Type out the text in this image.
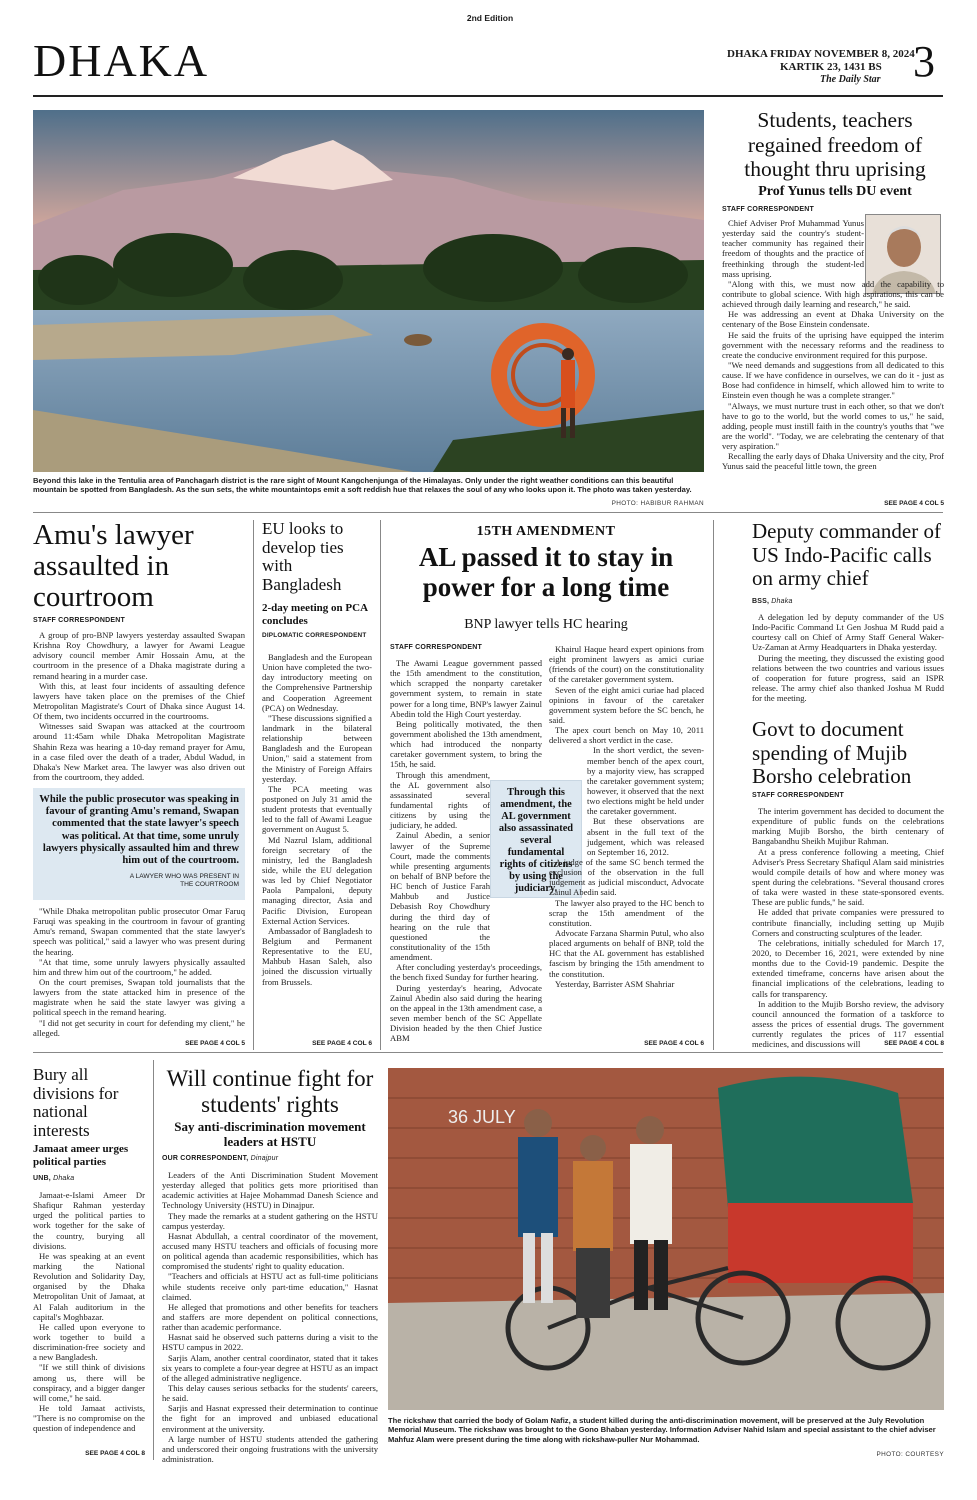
2nd Edition
DHAKA	DHAKA FRIDAY NOVEMBER 8, 2024
KARTIK 23, 1431 BS
The Daily Star 3
Beyond this lake in the Tentulia area of Panchagarh district is the rare sight of Mount Kangchenjunga of the Himalayas. Only under the right weather conditions can this beautiful mountain be spotted from Bangladesh. As the sun sets, the white mountaintops emit a soft reddish hue that relaxes the soul of any who looks upon it. The photo was taken yesterday.
PHOTO: HABIBUR RAHMAN
Students, teachers regained freedom of thought thru uprising
Prof Yunus tells DU event
STAFF CORRESPONDENT

Chief Adviser Prof Muhammad Yunus yesterday said the country's student-teacher community has regained their freedom of thoughts and the practice of freethinking through the student-led mass uprising.

"Along with this, we must now add the capability to contribute to global science. With high aspirations, this can be achieved through daily learning and research," he said.

He was addressing an event at Dhaka University on the centenary of the Bose Einstein condensate.

He said the fruits of the uprising have equipped the interim government with the necessary reforms and the readiness to create the conducive environment required for this purpose.

"We need demands and suggestions from all dedicated to this cause. If we have confidence in ourselves, we can do it - just as Bose had confidence in himself, which allowed him to write to Einstein even though he was a complete stranger."

"Always, we must nurture trust in each other, so that we don't have to go to the world, but the world comes to us," he said, adding, people must instill faith in the country's youths that "we are the world". "Today, we are celebrating the centenary of that very aspiration."

Recalling the early days of Dhaka University and the city, Prof Yunus said the peaceful little town, the green

SEE PAGE 4 COL 5
Amu's lawyer assaulted in courtroom
STAFF CORRESPONDENT

A group of pro-BNP lawyers yesterday assaulted Swapan Krishna Roy Chowdhury, a lawyer for Awami League advisory council member Amir Hossain Amu, at the courtroom in the presence of a Dhaka magistrate during a remand hearing in a murder case.

With this, at least four incidents of assaulting defence lawyers have taken place on the premises of the Chief Metropolitan Magistrate's Court of Dhaka since August 14. Of them, two incidents occurred in the courtrooms.

Witnesses said Swapan was attacked at the courtroom around 11:45am while Dhaka Metropolitan Magistrate Shahin Reza was hearing a 10-day remand prayer for Amu, in a case filed over the death of a trader, Abdul Wadud, in Dhaka's New Market area. The lawyer was also driven out from the courtroom, they added.

While the public prosecutor was speaking in favour of granting Amu's remand, Swapan commented that the state lawyer's speech was political. At that time, some unruly lawyers physically assaulted him and threw him out of the courtroom.
A LAWYER WHO WAS PRESENT IN THE COURTROOM

"While Dhaka metropolitan public prosecutor Omar Faruq Faruqi was speaking in the courtroom in favour of granting Amu's remand, Swapan commented that the state lawyer's speech was political," said a lawyer who was present during the hearing.

"At that time, some unruly lawyers physically assaulted him and threw him out of the courtroom," he added.

On the court premises, Swapan told journalists that the lawyers from the state attacked him in presence of the magistrate when he said the state lawyer was giving a political speech in the remand hearing.

"I did not get security in court for defending my client," he alleged.

SEE PAGE 4 COL 5
EU looks to develop ties with Bangladesh
2-day meeting on PCA concludes
DIPLOMATIC CORRESPONDENT

Bangladesh and the European Union have completed the two-day introductory meeting on the Comprehensive Partnership and Cooperation Agreement (PCA) on Wednesday.

"These discussions signified a landmark in the bilateral relationship between Bangladesh and the European Union," said a statement from the Ministry of Foreign Affairs yesterday.

The PCA meeting was postponed on July 31 amid the student protests that eventually led to the fall of Awami League government on August 5.

Md Nazrul Islam, additional foreign secretary of the ministry, led the Bangladesh side, while the EU delegation was led by Chief Negotiator Paola Pampaloni, deputy managing director, Asia and Pacific Division, European External Action Services.

Ambassador of Bangladesh to Belgium and Permanent Representative to the EU, Mahbub Hasan Saleh, also joined the discussion virtually from Brussels.

SEE PAGE 4 COL 6
15TH AMENDMENT
AL passed it to stay in power for a long time
BNP lawyer tells HC hearing
STAFF CORRESPONDENT

The Awami League government passed the 15th amendment to the constitution, which scrapped the nonparty caretaker government system, to remain in state power for a long time, BNP's lawyer Zainul Abedin told the High Court yesterday.

Being politically motivated, the then government abolished the 13th amendment, which had introduced the nonparty caretaker government system, to bring the 15th, he said.

Through this amendment, the AL government also assassinated several fundamental rights of citizens by using the judiciary, he added.

Zainul Abedin, a senior lawyer of the Supreme Court, made the comments while presenting arguments on behalf of BNP before the HC bench of Justice Farah Mahbub and Justice Debasish Roy Chowdhury during the third day of hearing on the rule that questioned the constitutionality of the 15th amendment.

After concluding yesterday's proceedings, the bench fixed Sunday for further hearing.

During yesterday's hearing, Advocate Zainul Abedin also said during the hearing on the appeal in the 13th amendment case, a seven member bench of the SC Appellate Division headed by the then Chief Justice ABM

Through this amendment, the AL government also assassinated several fundamental rights of citizens by using the judiciary.

Khairul Haque heard expert opinions from eight prominent lawyers as amici curiae (friends of the court) on the constitutionality of the caretaker government system.

Seven of the eight amici curiae had placed opinions in favour of the caretaker government system before the SC bench, he said.

The apex court bench on May 10, 2011 delivered a short verdict in the case.

In the short verdict, the seven-member bench of the apex court, by a majority view, has scrapped the caretaker government system; however, it observed that the next two elections might be held under the caretaker government.

But these observations are absent in the full text of the judgement, which was released on September 16, 2012.

A judge of the same SC bench termed the exclusion of the observation in the full judgement as judicial misconduct, Advocate Zainul Abedin said.

The lawyer also prayed to the HC bench to scrap the 15th amendment of the constitution.

Advocate Farzana Sharmin Putul, who also placed arguments on behalf of BNP, told the HC that the AL government has established fascism by bringing the 15th amendment to the constitution.

Yesterday, Barrister ASM Shahriar

SEE PAGE 4 COL 6
Deputy commander of US Indo-Pacific calls on army chief
BSS, Dhaka

A delegation led by deputy commander of the US Indo-Pacific Command Lt Gen Joshua M Rudd paid a courtesy call on Chief of Army Staff General Waker-Uz-Zaman at Army Headquarters in Dhaka yesterday.

During the meeting, they discussed the existing good relations between the two countries and various issues of cooperation for future progress, said an ISPR release. The army chief also thanked Joshua M Rudd for the meeting.

Govt to document spending of Mujib Borsho celebration
STAFF CORRESPONDENT

The interim government has decided to document the expenditure of public funds on the celebrations marking Mujib Borsho, the birth centenary of Bangabandhu Sheikh Mujibur Rahman.

At a press conference following a meeting, Chief Adviser's Press Secretary Shafiqul Alam said ministries would compile details of how and where money was spent during the celebrations. "Several thousand crores of taka were wasted in these state-sponsored events. These are public funds," he said.

He added that private companies were pressured to contribute financially, including setting up Mujib Corners and constructing sculptures of the leader.

The celebrations, initially scheduled for March 17, 2020, to December 16, 2021, were extended by nine months due to the Covid-19 pandemic. Despite the extended timeframe, concerns have arisen about the financial implications of the celebrations, leading to calls for transparency.

In addition to the Mujib Borsho review, the advisory council announced the formation of a taskforce to assess the prices of essential drugs. The government currently regulates the prices of 117 essential medicines, and discussions will	SEE PAGE 4 COL 8
Bury all divisions for national interests
Jamaat ameer urges political parties
UNB, Dhaka

Jamaat-e-Islami Ameer Dr Shafiqur Rahman yesterday urged the political parties to work together for the sake of the country, burying all divisions.

He was speaking at an event marking the National Revolution and Solidarity Day, organised by the Dhaka Metropolitan Unit of Jamaat, at Al Falah auditorium in the capital's Moghbazar.

He called upon everyone to work together to build a discrimination-free society and a new Bangladesh.

"If we still think of divisions among us, there will be conspiracy, and a bigger danger will come," he said.

He told Jamaat activists, "There is no compromise on the question of independence and

SEE PAGE 4 COL 8
Will continue fight for students' rights
Say anti-discrimination movement leaders at HSTU
OUR CORRESPONDENT, Dinajpur

Leaders of the Anti Discrimination Student Movement yesterday alleged that politics gets more prioritised than academic activities at Hajee Mohammad Danesh Science and Technology University (HSTU) in Dinajpur.

They made the remarks at a student gathering on the HSTU campus yesterday.

Hasnat Abdullah, a central coordinator of the movement, accused many HSTU teachers and officials of focusing more on political agenda than academic responsibilities, which has compromised the students' right to quality education.

"Teachers and officials at HSTU act as full-time politicians while students receive only part-time education," Hasnat claimed.

He alleged that promotions and other benefits for teachers and staffers are more dependent on political connections, rather than academic performance.

Hasnat said he observed such patterns during a visit to the HSTU campus in 2022.

Sarjis Alam, another central coordinator, stated that it takes six years to complete a four-year degree at HSTU as an impact of the alleged administrative negligence.

This delay causes serious setbacks for the students' careers, he said.

Sarjis and Hasnat expressed their determination to continue the fight for an improved and unbiased educational environment at the university.

A large number of HSTU students attended the gathering and underscored their ongoing frustrations with the university administration.

36 JULY
The rickshaw that carried the body of Golam Nafiz, a student killed during the anti-discrimination movement, will be preserved at the July Revolution Memorial Museum. The rickshaw was brought to the Gono Bhaban yesterday. Information Adviser Nahid Islam and special assistant to the chief adviser Mahfuz Alam were present during the time along with rickshaw-puller Nur Mohammad.
PHOTO: COURTESY
